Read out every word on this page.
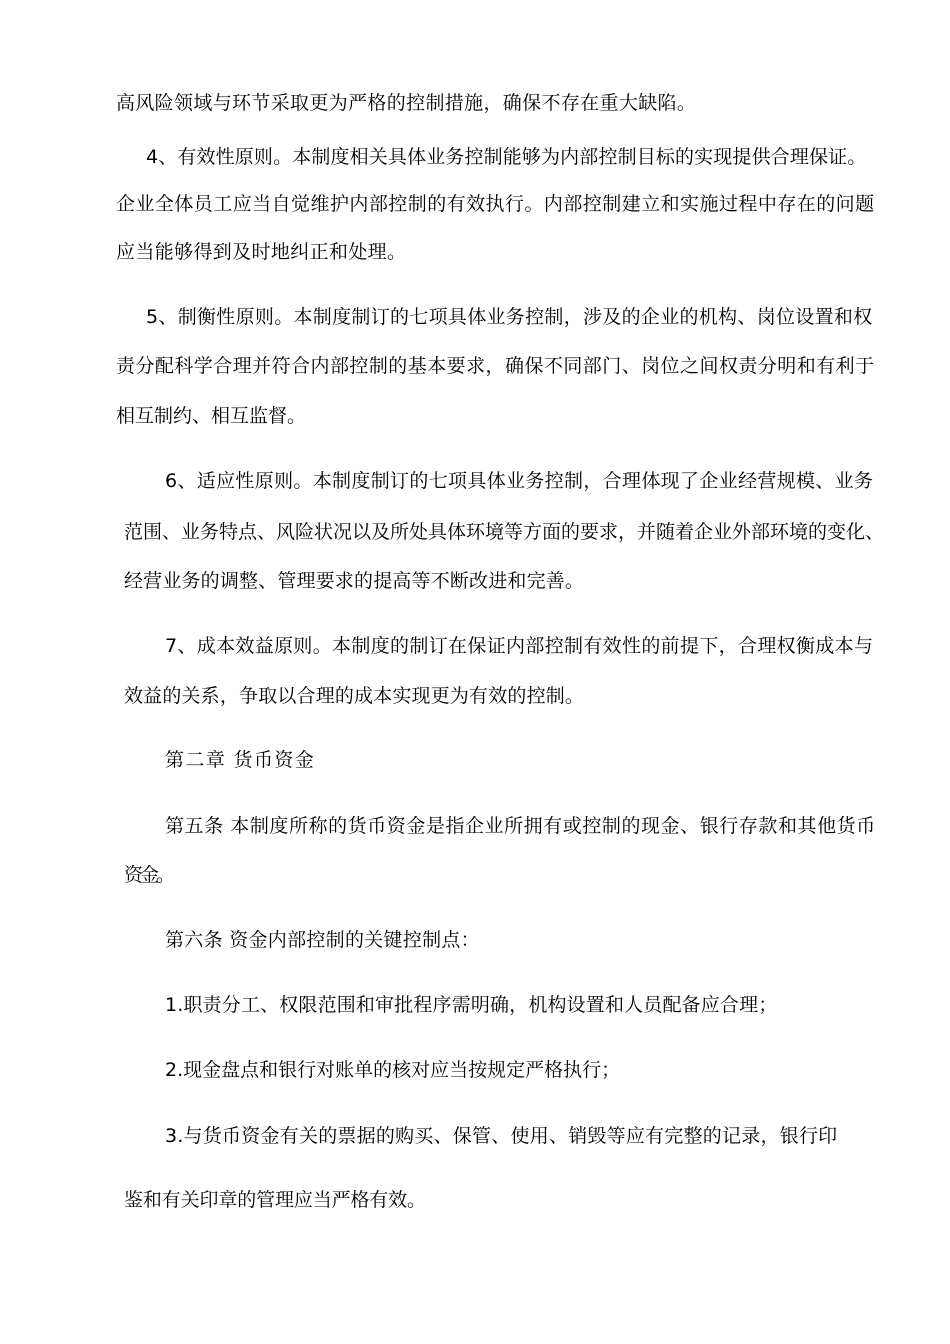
高风险领域与环节采取更为严格的控制措施，确保不存在重大缺陷。
4、有效性原则。本制度相关具体业务控制能够为内部控制目标的实现提供合理保证。
企业全体员工应当自觉维护内部控制的有效执行。内部控制建立和实施过程中存在的问题
应当能够得到及时地纠正和处理。
5、制衡性原则。本制度制订的七项具体业务控制，涉及的企业的机构、岗位设置和权
责分配科学合理并符合内部控制的基本要求，确保不同部门、岗位之间权责分明和有利于
相互制约、相互监督。
6、适应性原则。本制度制订的七项具体业务控制，合理体现了企业经营规模、业务
范围、业务特点、风险状况以及所处具体环境等方面的要求，并随着企业外部环境的变化、
经营业务的调整、管理要求的提高等不断改进和完善。
7、成本效益原则。本制度的制订在保证内部控制有效性的前提下，合理权衡成本与
效益的关系，争取以合理的成本实现更为有效的控制。
第二章 货币资金
第五条 本制度所称的货币资金是指企业所拥有或控制的现金、银行存款和其他货币
资金。
第六条 资金内部控制的关键控制点：
1.职责分工、权限范围和审批程序需明确，机构设置和人员配备应合理；
2.现金盘点和银行对账单的核对应当按规定严格执行；
3.与货币资金有关的票据的购买、保管、使用、销毁等应有完整的记录，银行印
鉴和有关印章的管理应当严格有效。
